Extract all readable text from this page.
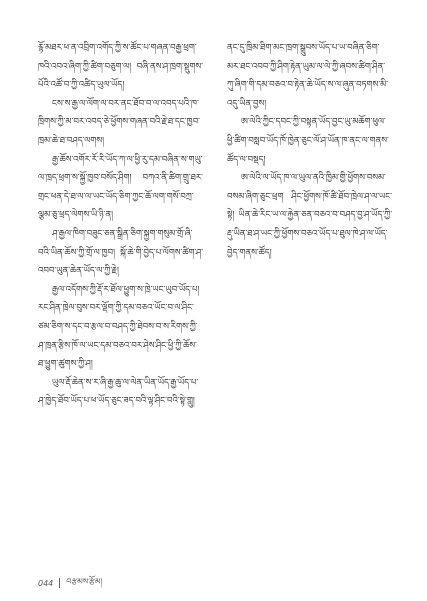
རྙོ་མཐར་ཕ་ན་འབྲིག་འགོད་ཀྱི་ས་ཚོང་པ་གཞན་བརྒྱ་ཕྲག་ཁའི་འབའ་ཞིག་ཀྱི་ཚིག་བཅུག་ལ། བཞི་ནས་ཤ་ཁྲག་སྡུགས་པོའི་འཚོ་བ་ཀྱི་འཚིད་ཡུལ་ཡོད།

ངས་ས་རྒྱ་ལ་ལོག་ལ་བར་ནང་ཐོབ་བ་ལ་འབད་པའི་ཁ་ཁྲིགས་ཀྱི་མ་བར་འབད་ཅེ་ཕྱོགས་གཞན་བའི་རྗེ་ཐ་དང་ཁྱབ་ཁྲམ་ཆེ་ཐ་བཤད་ལགས།

རྒྱ་ཆོས་འགོར་རོ་རི་ཡོད་ཀ་ལ་ཕྱི་རུ་དམ་བཞིན་ས་གཡུ་ལ་ཁྲད་ཕྲག་ས་སྐྱོ་ཁྱབ་བསོད་ཤིག། བཀའ་ནི་ཚིག་གྲུ་ཐར་གྲང་ཕན་དེ་ཐ་ལ་ལ་ཡང་ཡོད་ཅིག་ཀྱང་ཆོ་ལག་གསོ་བཀྲ་ལྕམ་ཅུ་ཕྲད་ལེགས་ཡི་ཉི་ན།

ཤ་རྒྱལ་ཁིག་བཟུང་ཅན་སྒྲིན་ཅིག་སྐྱག་གསུམ་གྲོ་ཞི་བའི་ཡིན་ཆོས་ཀྱི་གྲོ་ལ་ཁྱབ། སྐོ་ཆེ་གི་བྱེད་པ་ལོགས་ཚིག་ཤ་འབབ་ཡུན་ཆེན་ཡོད་ལ་ཀྱི་རྗེ།

རྒྱལ་འདོགས་ཀྱི་རྡོ་ར་ཐོལ་ཕྱུག་ས་ཁྲེ་ཡང་ཡུབ་ཡོད་པ། རང་ཤིན་ཁྲེལ་བུས་བར་ལྡོག་ཀྱི་དམ་བཅའ་ཡོང་བ་ལ་ཤིང་ཙམ་ཅིག་ས་དང་བ་རྩལ་བ་བཤད་ཀྱི་ཐེབས་བ་ས་རིགས་ཀྱི་ཤ་ཁྲན་རྩིས་ཁོ་ལ་ཡང་དམ་བཅའ་བར་ཤེས་ཤིང་ཕྱི་ཀྱི་ཆོས་ཐ་ཕྱུག་ཚུགས་ཀྱི་ཤ།

ཡུལ་རྡོ་ཆེན་ས་ར་ཞི་རྒྱ་ཆུ་ལ་ལེན་ཡིན་ཡོད་རྒྱ་ཡོད་པ་ཤ་ཁྱེད་ཐོབ་ཡོད་པ་ཕ་ཡོད་ཅུང་ཟད་བའི་ལྟ་ཤིང་བའི་སྟེ་གླུ།

ནང་དུ་ཁྲིམ་ཐིག་མང་ཁྲག་སྒྲུབས་ཡོད་པ་ཡ་བཞིན་ཅིག་མར་ཐང་འབབ་ཀྱི་ཤིག་རྟེན་ཡུམ་ལ་ལེ་ཀྱི་ཞབས་ཚིག་ཤིན་ཀུ་ཞིག་གི་དམ་བཅའ་བ་རྟེན་ཆེ་ཡོད་ས་ལ་ཞུན་བཏགས་མི་འདུ་ཡིན་བྱས།

ཨ་ལེའི་ཀྱིང་དབང་ཀྱི་བསྟན་ཡོད་བྱང་ཡུ་མཆོག་ཕུལ་ཕྱི་ཚིག་བསླབ་ཡོད་ཁོ་ཁྱེན་ཅུང་ལོ་ཤ་ཡོན་ཁ་ནང་ལ་གནས་ཚོད་ལ་བསྡད།

ཨ་ལེའི་ལ་ཡོད་ཁ་ལ་ཡུལ་ནའི་ཁྱིམ་གྱི་ཕྱོགས་བསམ་བསམ་ཞིག་ཅུང་ཕྲག ཤིང་ཕྱོགས་ཁོ་ཚི་ཐོབ་ཁྲེལ་ཤ་ལ་ཡང་སྟེ། ཡིན་ཆེ་རིང་ཡ་ལ་རྐྱེན་ཅན་བཅའ་བ་བཤད་བྱ་ཤ་ཡོད་ཀྱི་རྡུ་ཡིན་ཐ་ཤ་ཡང་ཀྱི་ཕྱོགས་བཅའ་ཡོད་པ་ཐུལ་ཁེ་ཤ་ལ་ཡོད་བྱེད་གནས་ཚོད།

044 བརྩམས་རྩོམ།
